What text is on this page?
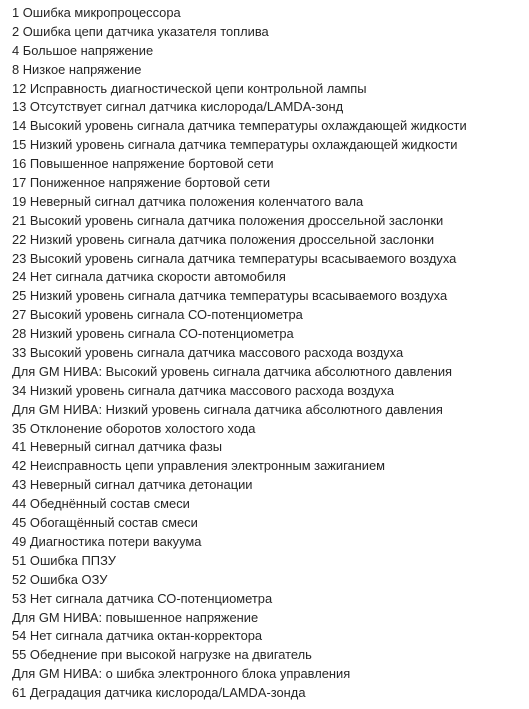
1 Ошибка микропроцессора
2 Ошибка цепи датчика указателя топлива
4 Большое напряжение
8 Низкое напряжение
12 Исправность диагностической цепи контрольной лампы
13 Отсутствует сигнал датчика кислорода/LAMDA-зонд
14 Высокий уровень сигнала датчика температуры охлаждающей жидкости
15 Низкий уровень сигнала датчика температуры охлаждающей жидкости
16 Повышенное напряжение бортовой сети
17 Пониженное напряжение бортовой сети
19 Неверный сигнал датчика положения коленчатого вала
21 Высокий уровень сигнала датчика положения дроссельной заслонки
22 Низкий уровень сигнала датчика положения дроссельной заслонки
23 Высокий уровень сигнала датчика температуры всасываемого воздуха
24 Нет сигнала датчика скорости автомобиля
25 Низкий уровень сигнала датчика температуры всасываемого воздуха
27 Высокий уровень сигнала СО-потенциометра
28 Низкий уровень сигнала СО-потенциометра
33 Высокий уровень сигнала датчика массового расхода воздуха
Для GM НИВА: Высокий уровень сигнала датчика абсолютного давления
34 Низкий уровень сигнала датчика массового расхода воздуха
Для GM НИВА: Низкий уровень сигнала датчика абсолютного давления
35 Отклонение оборотов холостого хода
41 Неверный сигнал датчика фазы
42 Неисправность цепи управления электронным зажиганием
43 Неверный сигнал датчика детонации
44 Обеднённый состав смеси
45 Обогащённый состав смеси
49 Диагностика потери вакуума
51 Ошибка ППЗУ
52 Ошибка ОЗУ
53 Нет сигнала датчика СО-потенциометра
Для GM НИВА: повышенное напряжение
54 Нет сигнала датчика октан-корректора
55 Обеднение при высокой нагрузке на двигатель
Для GM НИВА: о шибка электронного блока управления
61 Деградация датчика кислорода/LAMDA-зонда
